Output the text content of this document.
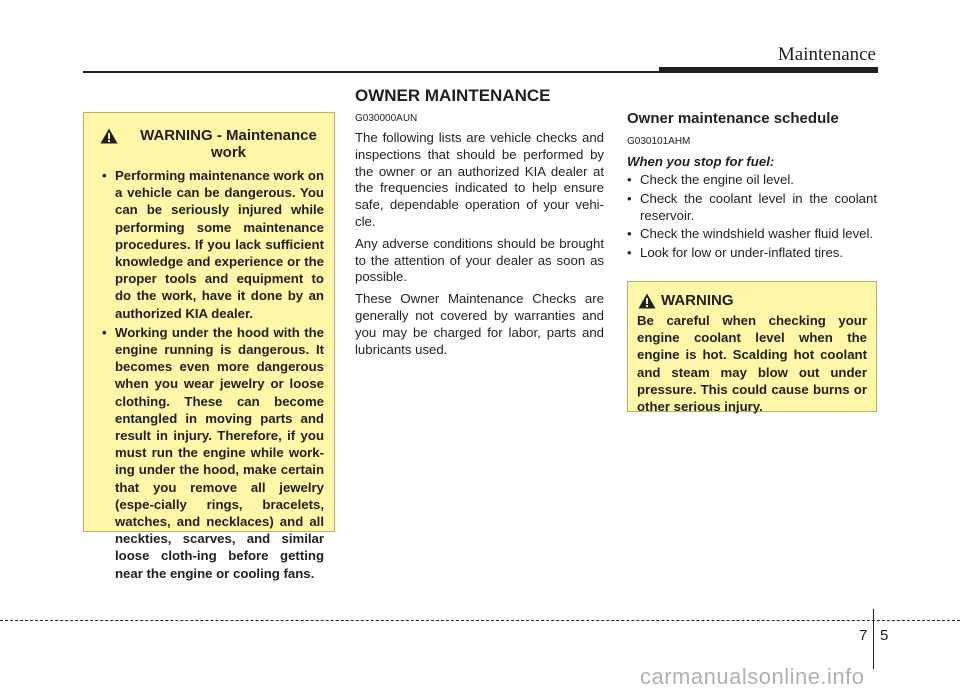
Maintenance
OWNER MAINTENANCE
WARNING - Maintenance work
• Performing maintenance work on a vehicle can be dangerous. You can be seriously injured while performing some maintenance procedures. If you lack sufficient knowledge and experience or the proper tools and equipment to do the work, have it done by an authorized KIA dealer.
• Working under the hood with the engine running is dangerous. It becomes even more dangerous when you wear jewelry or loose clothing. These can become entangled in moving parts and result in injury. Therefore, if you must run the engine while work-ing under the hood, make certain that you remove all jewelry (espe-cially rings, bracelets, watches, and necklaces) and all neckties, scarves, and similar loose cloth-ing before getting near the engine or cooling fans.
G030000AUN

The following lists are vehicle checks and inspections that should be performed by the owner or an authorized KIA dealer at the frequencies indicated to help ensure safe, dependable operation of your vehi-cle.

Any adverse conditions should be brought to the attention of your dealer as soon as possible.

These Owner Maintenance Checks are generally not covered by warranties and you may be charged for labor, parts and lubricants used.

Owner maintenance schedule
G030101AHM
When you stop for fuel:
• Check the engine oil level.
• Check the coolant level in the coolant reservoir.
• Check the windshield washer fluid level.
• Look for low or under-inflated tires.
WARNING
Be careful when checking your engine coolant level when the engine is hot. Scalding hot coolant and steam may blow out under pressure. This could cause burns or other serious injury.
7 5
carmanualsonline.info
